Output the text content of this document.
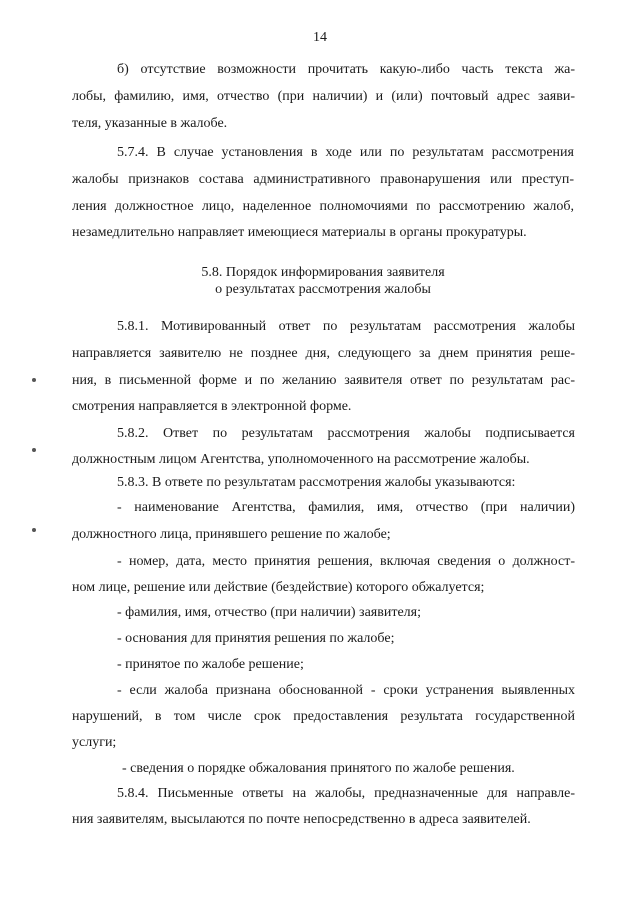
14
б) отсутствие возможности прочитать какую-либо часть текста жа-
лобы, фамилию, имя, отчество (при наличии) и (или) почтовый адрес заяви-
теля, указанные в жалобе.
5.7.4. В случае установления в ходе или по результатам рассмотрения
жалобы признаков состава административного правонарушения или преступ-
ления должностное лицо, наделенное полномочиями по рассмотрению жалоб,
незамедлительно направляет имеющиеся материалы в органы прокуратуры.
5.8. Порядок информирования заявителя
о результатах рассмотрения жалобы
5.8.1. Мотивированный ответ по результатам рассмотрения жалобы
направляется заявителю не позднее дня, следующего за днем принятия реше-
ния, в письменной форме и по желанию заявителя ответ по результатам рас-
смотрения направляется в электронной форме.
5.8.2. Ответ по результатам рассмотрения жалобы подписывается
должностным лицом Агентства, уполномоченного на рассмотрение жалобы.
5.8.3. В ответе по результатам рассмотрения жалобы указываются:
- наименование Агентства, фамилия, имя, отчество (при наличии)
должностного лица, принявшего решение по жалобе;
- номер, дата, место принятия решения, включая сведения о должност-
ном лице, решение или действие (бездействие) которого обжалуется;
- фамилия, имя, отчество (при наличии) заявителя;
- основания для принятия решения по жалобе;
- принятое по жалобе решение;
- если жалоба признана обоснованной - сроки устранения выявленных
нарушений, в том числе срок предоставления результата государственной
услуги;
- сведения о порядке обжалования принятого по жалобе решения.
5.8.4. Письменные ответы на жалобы, предназначенные для направле-
ния заявителям, высылаются по почте непосредственно в адреса заявителей.
